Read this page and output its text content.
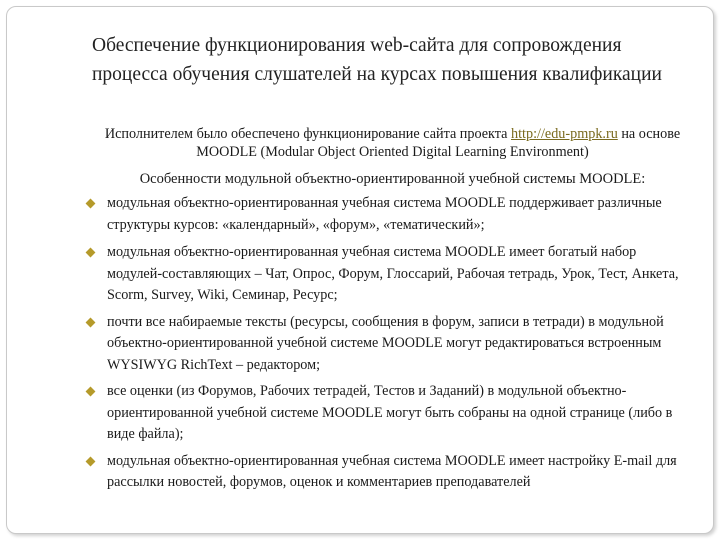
Обеспечение функционирования web-сайта для сопровождения процесса обучения слушателей на курсах повышения квалификации
Исполнителем было обеспечено функционирование сайта проекта http://edu-pmpk.ru на основе MOODLE (Modular Object Oriented Digital Learning Environment)
Особенности модульной объектно-ориентированной учебной системы MOODLE:
модульная объектно-ориентированная учебная система MOODLE поддерживает различные структуры курсов: «календарный», «форум», «тематический»;
модульная объектно-ориентированная учебная система MOODLE имеет богатый набор модулей-составляющих – Чат, Опрос, Форум, Глоссарий, Рабочая тетрадь, Урок, Тест, Анкета, Scorm, Survey, Wiki, Семинар, Ресурс;
почти все набираемые тексты (ресурсы, сообщения в форум, записи в тетради) в модульной объектно-ориентированной учебной системе MOODLE могут редактироваться встроенным WYSIWYG RichText – редактором;
все оценки (из Форумов, Рабочих тетрадей, Тестов и Заданий) в модульной объектно-ориентированной учебной системе MOODLE могут быть собраны на одной странице (либо в виде файла);
модульная объектно-ориентированная учебная система MOODLE имеет настройку E-mail для рассылки новостей, форумов, оценок и комментариев преподавателей
